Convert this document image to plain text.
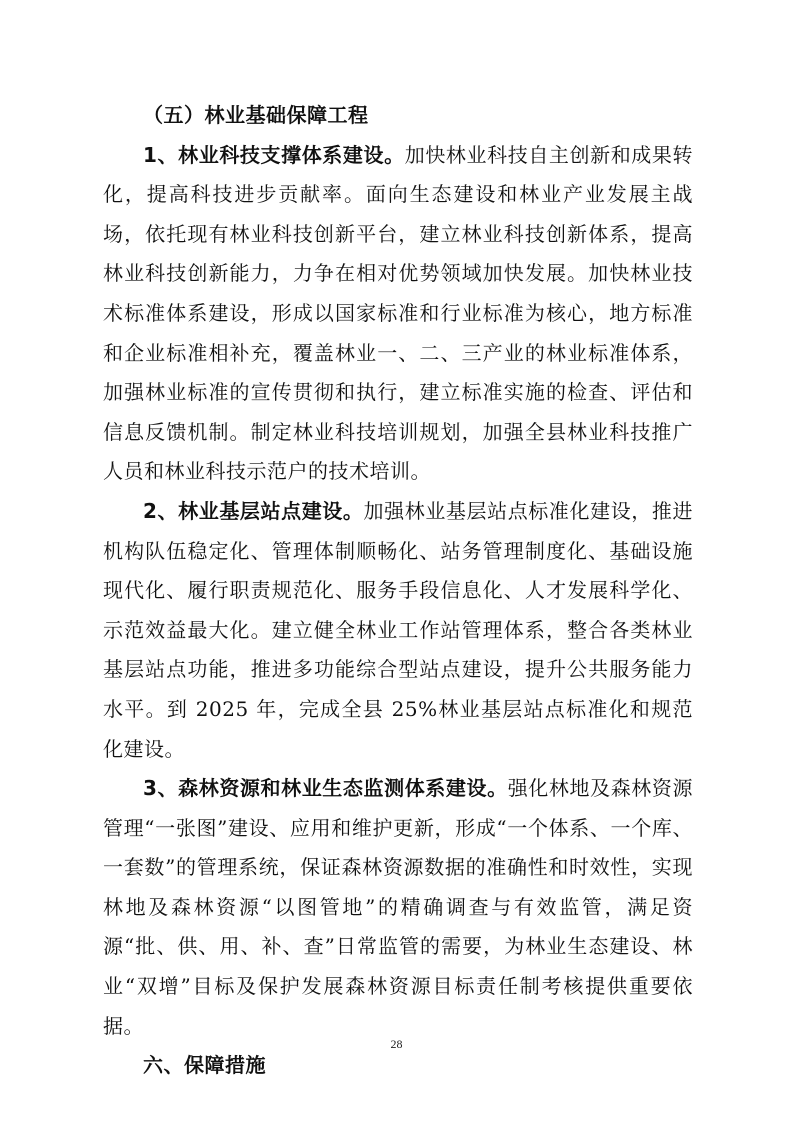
（五）林业基础保障工程

1、林业科技支撑体系建设。加快林业科技自主创新和成果转化，提高科技进步贡献率。面向生态建设和林业产业发展主战场，依托现有林业科技创新平台，建立林业科技创新体系，提高林业科技创新能力，力争在相对优势领域加快发展。加快林业技术标准体系建设，形成以国家标准和行业标准为核心，地方标准和企业标准相补充，覆盖林业一、二、三产业的林业标准体系，加强林业标准的宣传贯彻和执行，建立标准实施的检查、评估和信息反馈机制。制定林业科技培训规划，加强全县林业科技推广人员和林业科技示范户的技术培训。

2、林业基层站点建设。加强林业基层站点标准化建设，推进机构队伍稳定化、管理体制顺畅化、站务管理制度化、基础设施现代化、履行职责规范化、服务手段信息化、人才发展科学化、示范效益最大化。建立健全林业工作站管理体系，整合各类林业基层站点功能，推进多功能综合型站点建设，提升公共服务能力水平。到 2025 年，完成全县 25%林业基层站点标准化和规范化建设。

3、森林资源和林业生态监测体系建设。强化林地及森林资源管理“一张图”建设、应用和维护更新，形成“一个体系、一个库、一套数”的管理系统，保证森林资源数据的准确性和时效性，实现林地及森林资源“以图管地”的精确调查与有效监管，满足资源“批、供、用、补、查”日常监管的需要，为林业生态建设、林业“双增”目标及保护发展森林资源目标责任制考核提供重要依据。

六、保障措施

28
